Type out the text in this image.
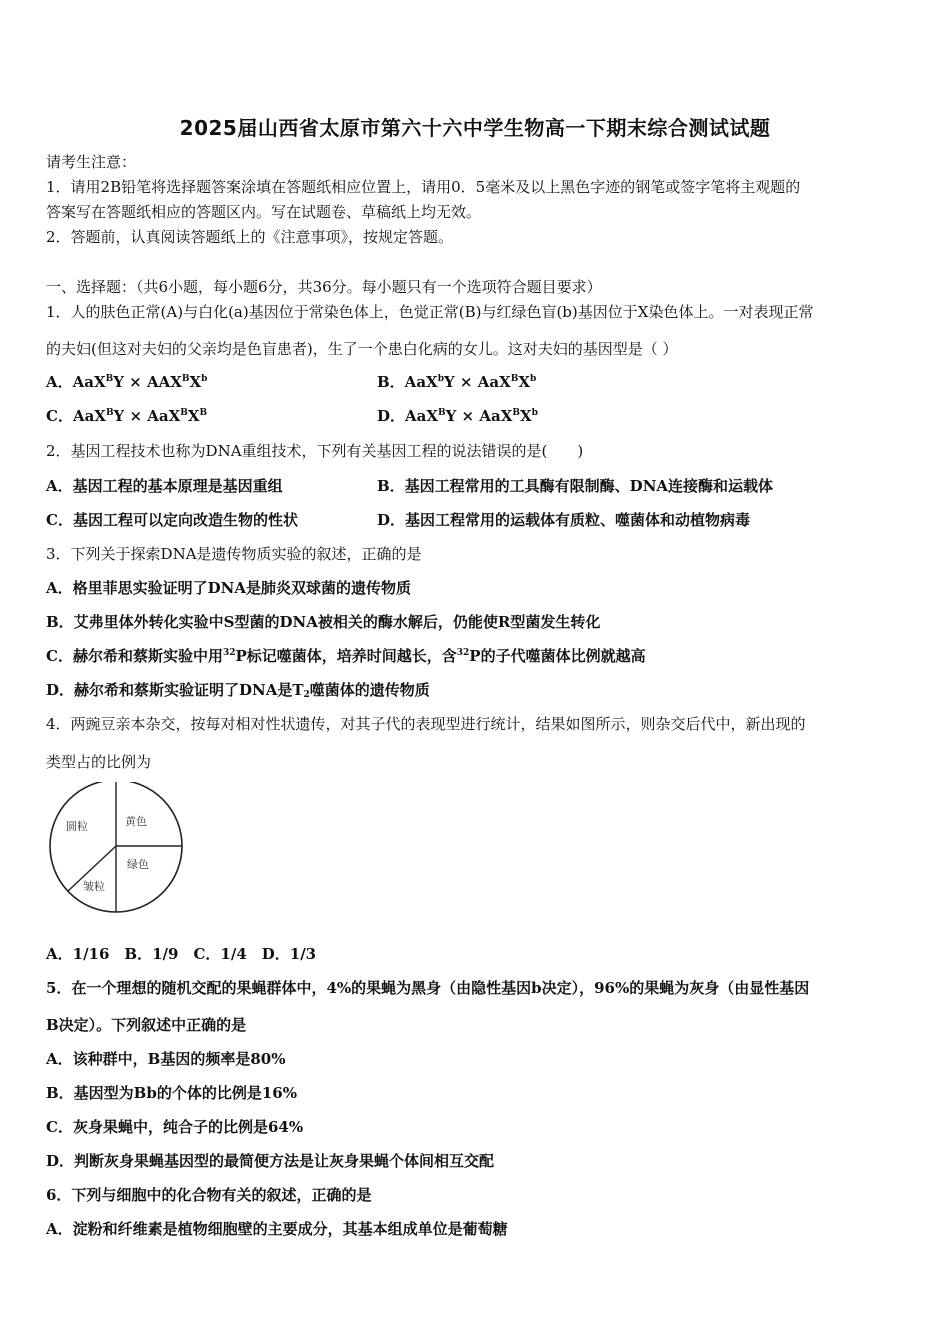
2025届山西省太原市第六十六中学生物高一下期末综合测试试题
请考生注意：
1．请用2B铅笔将选择题答案涂填在答题纸相应位置上，请用0．5毫米及以上黑色字迹的钢笔或签字笔将主观题的
答案写在答题纸相应的答题区内。写在试题卷、草稿纸上均无效。
2．答题前，认真阅读答题纸上的《注意事项》，按规定答题。
一、选择题：（共6小题，每小题6分，共36分。每小题只有一个选项符合题目要求）
1．人的肤色正常(A)与白化(a)基因位于常染色体上，色觉正常(B)与红绿色盲(b)基因位于X染色体上。一对表现正常
的夫妇(但这对夫妇的父亲均是色盲患者)，生了一个患白化病的女儿。这对夫妇的基因型是（ ）
A．$AaX^BY \times AAX^BX^b$	B．$AaX^bY \times AaX^BX^b$
C．$AaX^BY \times AaX^BX^B$	D．$AaX^BY \times AaX^BX^b$
2．基因工程技术也称为DNA重组技术，下列有关基因工程的说法错误的是(　　)
A．基因工程的基本原理是基因重组	B．基因工程常用的工具酶有限制酶、DNA连接酶和运载体
C．基因工程可以定向改造生物的性状	D．基因工程常用的运载体有质粒、噬菌体和动植物病毒
3．下列关于探索DNA是遗传物质实验的叙述，正确的是
A．格里菲思实验证明了DNA是肺炎双球菌的遗传物质
B．艾弗里体外转化实验中S型菌的DNA被相关的酶水解后，仍能使R型菌发生转化
C．赫尔希和蔡斯实验中用$^{32}$P标记噬菌体，培养时间越长，含$^{32}$P的子代噬菌体比例就越高
D．赫尔希和蔡斯实验证明了DNA是$T_2$噬菌体的遗传物质
4．两豌豆亲本杂交，按每对相对性状遗传，对其子代的表现型进行统计，结果如图所示，则杂交后代中，新出现的
类型占的比例为
圆粒	黄色
绿色
皱粒
A．1/16　B．1/9　C．1/4　D．1/3
5．在一个理想的随机交配的果蝇群体中，4%的果蝇为黑身（由隐性基因b决定），96%的果蝇为灰身（由显性基因
B决定）。下列叙述中正确的是
A．该种群中，B基因的频率是80%
B．基因型为Bb的个体的比例是16%
C．灰身果蝇中，纯合子的比例是64%
D．判断灰身果蝇基因型的最简便方法是让灰身果蝇个体间相互交配
6．下列与细胞中的化合物有关的叙述，正确的是
A．淀粉和纤维素是植物细胞壁的主要成分，其基本组成单位是葡萄糖
